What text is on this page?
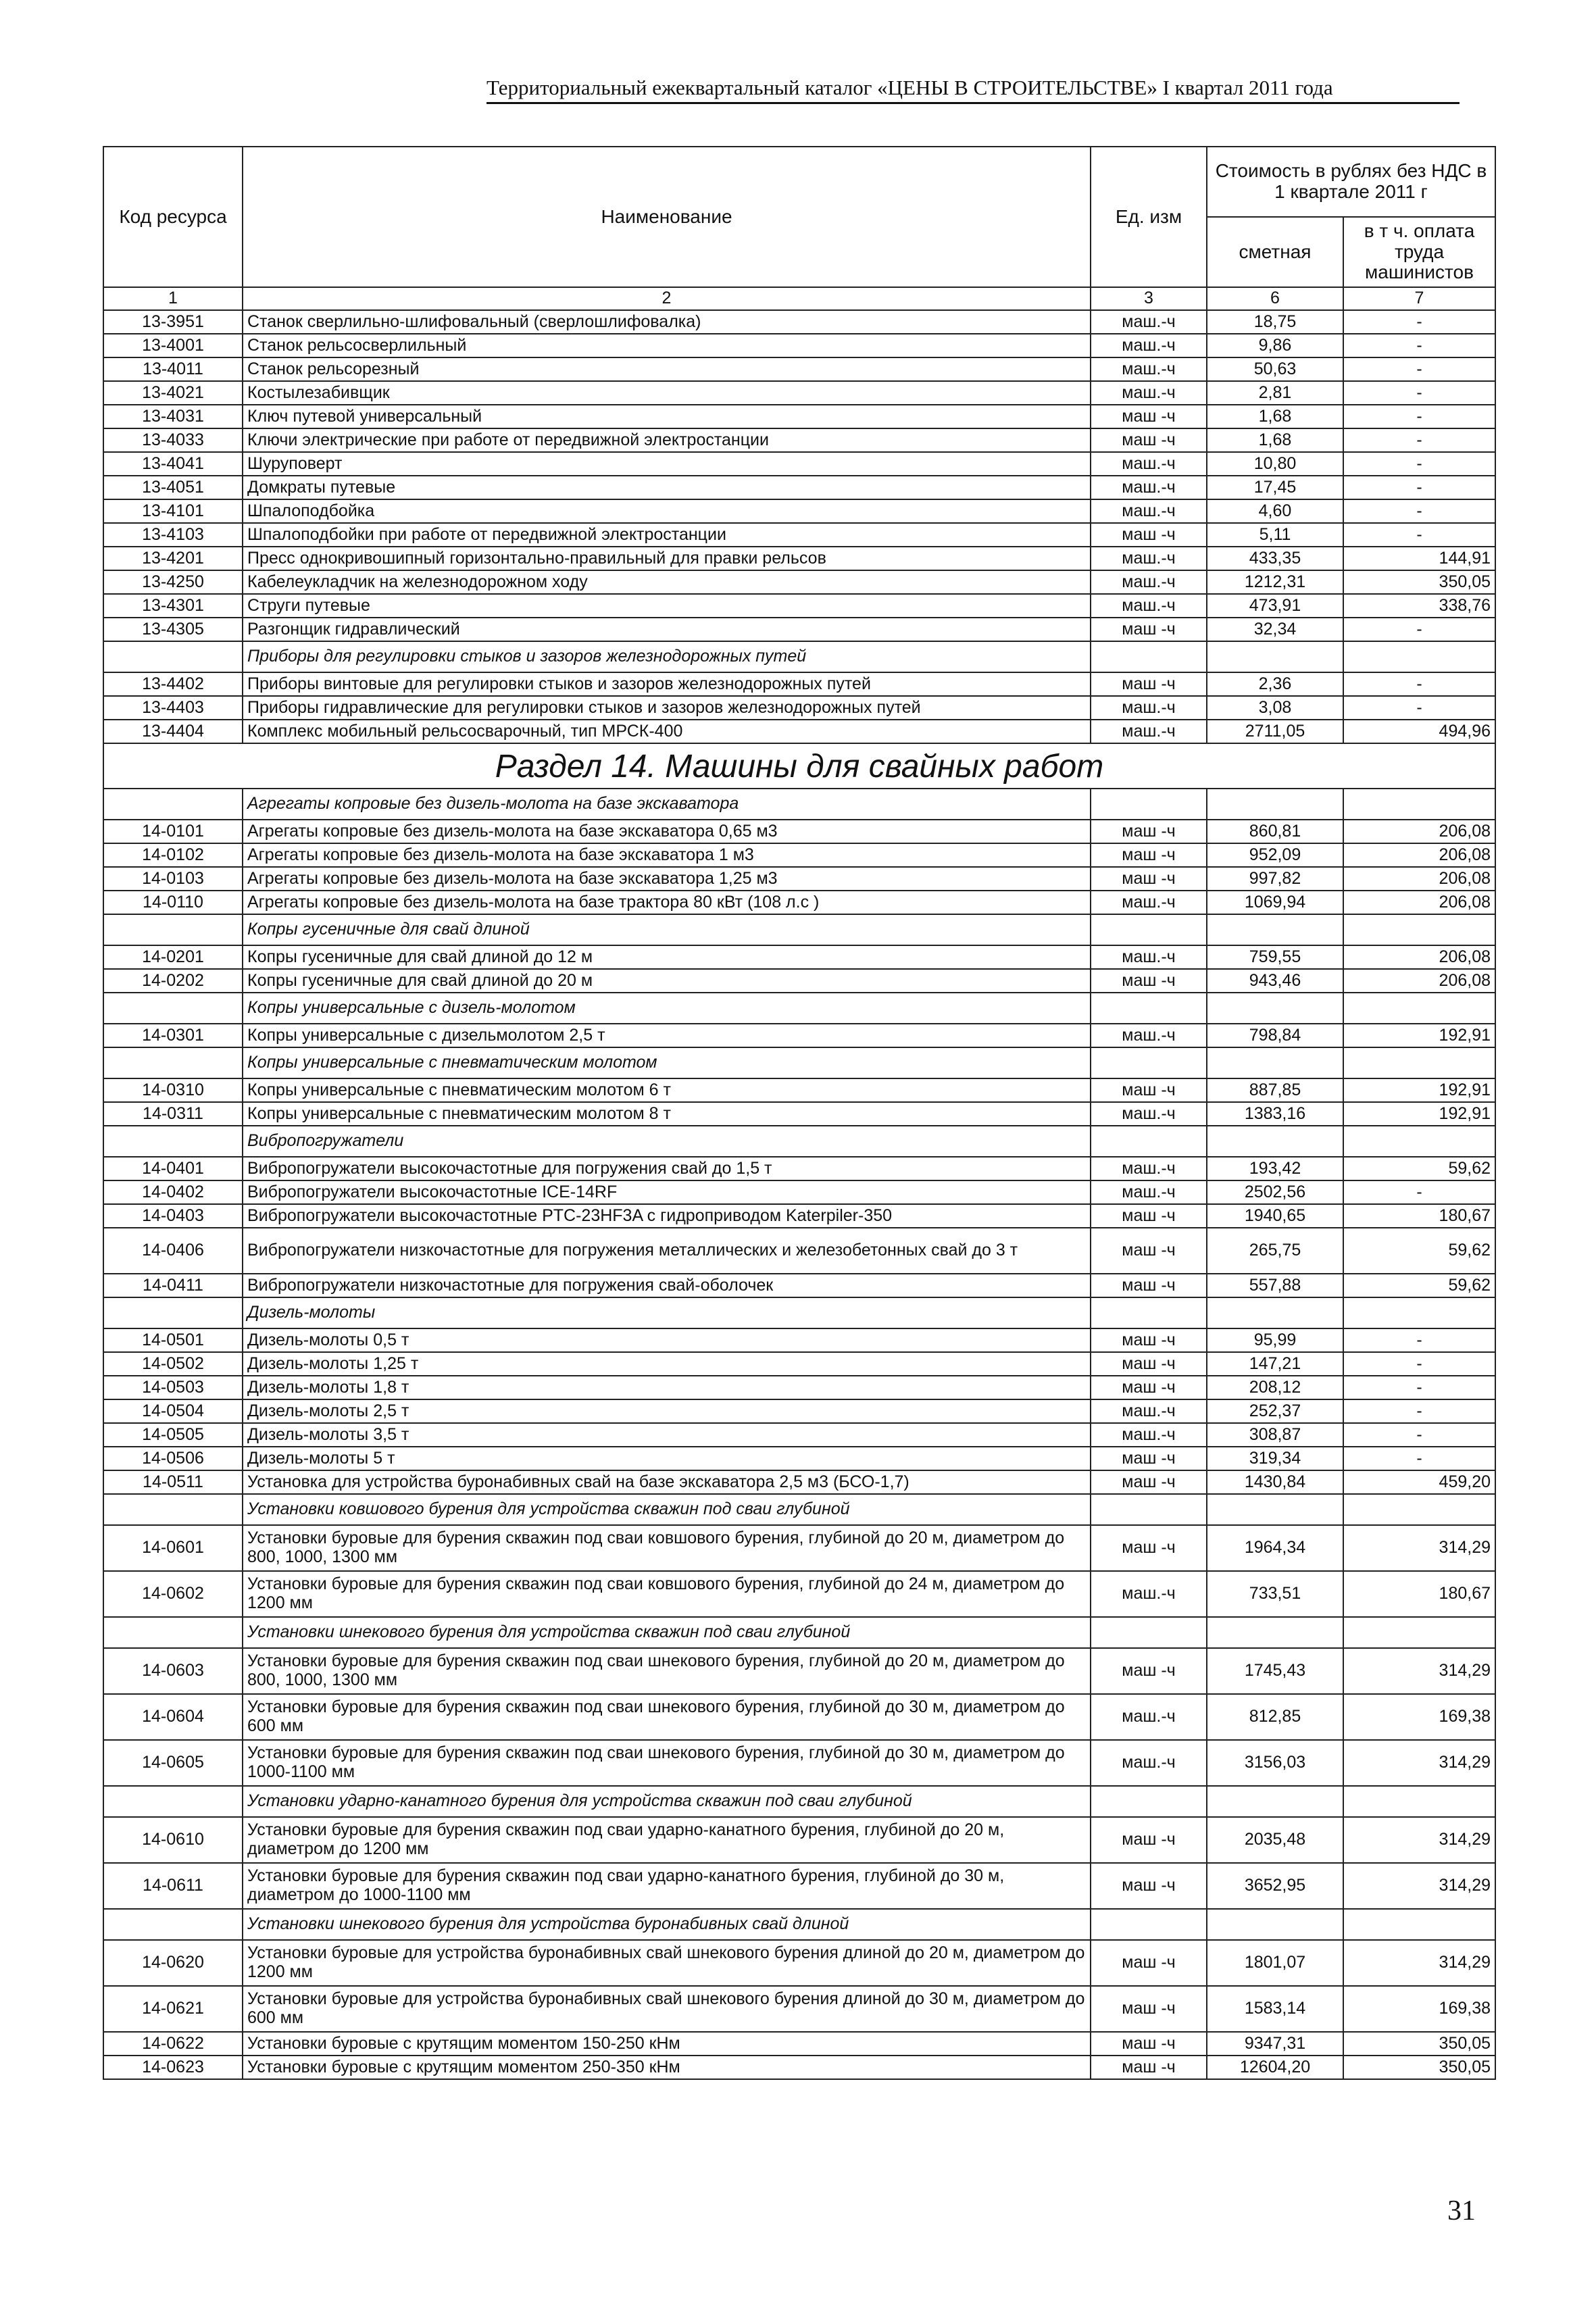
Территориальный ежеквартальный каталог «ЦЕНЫ В СТРОИТЕЛЬСТВЕ» I квартал 2011 года
Код ресурса	Наименование	Ед. изм	Стоимость в рублях без НДС в 1 квартале 2011 г	
			сметная	в т ч. оплата труда машинистов
1	2	3	6	7
13-3951	Станок сверлильно-шлифовальный (сверлошлифовалка)	маш.-ч	18,75	-
13-4001	Станок рельсосверлильный	маш.-ч	9,86	-
13-4011	Станок рельсорезный	маш.-ч	50,63	-
13-4021	Костылезабивщик	маш.-ч	2,81	-
13-4031	Ключ путевой универсальный	маш -ч	1,68	-
13-4033	Ключи электрические при работе от передвижной электростанции	маш -ч	1,68	-
13-4041	Шуруповерт	маш.-ч	10,80	-
13-4051	Домкраты путевые	маш.-ч	17,45	-
13-4101	Шпалоподбойка	маш.-ч	4,60	-
13-4103	Шпалоподбойки при работе от передвижной электростанции	маш -ч	5,11	-
13-4201	Пресс однокривошипный горизонтально-правильный для правки рельсов	маш.-ч	433,35	144,91
13-4250	Кабелеукладчик на железнодорожном ходу	маш.-ч	1212,31	350,05
13-4301	Струги путевые	маш.-ч	473,91	338,76
13-4305	Разгонщик гидравлический	маш -ч	32,34	-
	Приборы для регулировки стыков и зазоров железнодорожных путей			
13-4402	Приборы винтовые для регулировки стыков и зазоров железнодорожных путей	маш -ч	2,36	-
13-4403	Приборы гидравлические для регулировки стыков и зазоров железнодорожных путей	маш.-ч	3,08	-
13-4404	Комплекс мобильный рельсосварочный, тип МРСК-400	маш.-ч	2711,05	494,96
Раздел 14. Машины для свайных работ				
	Агрегаты копровые без дизель-молота на базе экскаватора			
14-0101	Агрегаты копровые без дизель-молота на базе экскаватора 0,65 м3	маш -ч	860,81	206,08
14-0102	Агрегаты копровые без дизель-молота на базе экскаватора 1 м3	маш -ч	952,09	206,08
14-0103	Агрегаты копровые без дизель-молота на базе экскаватора 1,25 м3	маш -ч	997,82	206,08
14-0110	Агрегаты копровые без дизель-молота на базе трактора 80 кВт (108 л.с )	маш.-ч	1069,94	206,08
	Копры гусеничные для свай длиной			
14-0201	Копры гусеничные для свай длиной до 12 м	маш.-ч	759,55	206,08
14-0202	Копры гусеничные для свай длиной до 20 м	маш -ч	943,46	206,08
	Копры универсальные с дизель-молотом			
14-0301	Копры универсальные с дизельмолотом 2,5 т	маш.-ч	798,84	192,91
	Копры универсальные с пневматическим молотом			
14-0310	Копры универсальные с пневматическим молотом 6 т	маш -ч	887,85	192,91
14-0311	Копры универсальные с пневматическим молотом 8 т	маш.-ч	1383,16	192,91
	Вибропогружатели			
14-0401	Вибропогружатели высокочастотные для погружения свай до 1,5 т	маш.-ч	193,42	59,62
14-0402	Вибропогружатели высокочастотные ICE-14RF	маш.-ч	2502,56	-
14-0403	Вибропогружатели высокочастотные PTC-23HF3A с гидроприводом Katerpiler-350	маш -ч	1940,65	180,67
14-0406	Вибропогружатели низкочастотные для погружения металлических и железобетонных свай до 3 т	маш -ч	265,75	59,62
14-0411	Вибропогружатели низкочастотные для погружения свай-оболочек	маш -ч	557,88	59,62
	Дизель-молоты			
14-0501	Дизель-молоты 0,5 т	маш -ч	95,99	-
14-0502	Дизель-молоты 1,25 т	маш -ч	147,21	-
14-0503	Дизель-молоты 1,8 т	маш -ч	208,12	-
14-0504	Дизель-молоты 2,5 т	маш.-ч	252,37	-
14-0505	Дизель-молоты 3,5 т	маш.-ч	308,87	-
14-0506	Дизель-молоты 5 т	маш -ч	319,34	-
14-0511	Установка для устройства буронабивных свай на базе экскаватора 2,5 м3 (БСО-1,7)	маш -ч	1430,84	459,20
	Установки ковшового бурения для устройства скважин под сваи глубиной			
14-0601	Установки буровые для бурения скважин под сваи ковшового бурения, глубиной до 20 м, диаметром до 800, 1000, 1300 мм	маш -ч	1964,34	314,29
14-0602	Установки буровые для бурения скважин под сваи ковшового бурения, глубиной до 24 м, диаметром до 1200 мм	маш.-ч	733,51	180,67
	Установки шнекового бурения для устройства скважин под сваи глубиной			
14-0603	Установки буровые для бурения скважин под сваи шнекового бурения, глубиной до 20 м, диаметром до 800, 1000, 1300 мм	маш -ч	1745,43	314,29
14-0604	Установки буровые для бурения скважин под сваи шнекового бурения, глубиной до 30 м, диаметром до 600 мм	маш.-ч	812,85	169,38
14-0605	Установки буровые для бурения скважин под сваи шнекового бурения, глубиной до 30 м, диаметром до 1000-1100 мм	маш.-ч	3156,03	314,29
	Установки ударно-канатного бурения для устройства скважин под сваи глубиной			
14-0610	Установки буровые для бурения скважин под сваи ударно-канатного бурения, глубиной до 20 м, диаметром до 1200 мм	маш -ч	2035,48	314,29
14-0611	Установки буровые для бурения скважин под сваи ударно-канатного бурения, глубиной до 30 м, диаметром до 1000-1100 мм	маш -ч	3652,95	314,29
	Установки шнекового бурения для устройства буронабивных свай длиной			
14-0620	Установки буровые для устройства буронабивных свай шнекового бурения длиной до 20 м, диаметром до 1200 мм	маш -ч	1801,07	314,29
14-0621	Установки буровые для устройства буронабивных свай шнекового бурения длиной до 30 м, диаметром до 600 мм	маш -ч	1583,14	169,38
14-0622	Установки буровые с крутящим моментом 150-250 кНм	маш -ч	9347,31	350,05
14-0623	Установки буровые с крутящим моментом 250-350 кНм	маш -ч	12604,20	350,05
31
